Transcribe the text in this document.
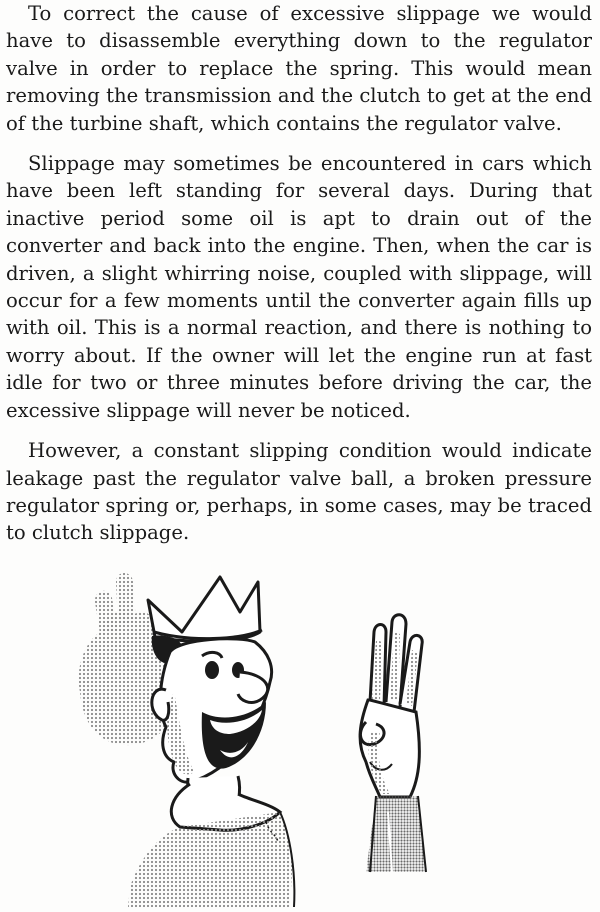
To correct the cause of excessive slippage we would have to disassemble everything down to the regulator valve in order to replace the spring. This would mean removing the transmission and the clutch to get at the end of the turbine shaft, which contains the regulator valve.

Slippage may sometimes be encountered in cars which have been left standing for several days. During that inactive period some oil is apt to drain out of the converter and back into the engine. Then, when the car is driven, a slight whirring noise, coupled with slippage, will occur for a few moments until the converter again fills up with oil. This is a normal reaction, and there is nothing to worry about. If the owner will let the engine run at fast idle for two or three minutes before driving the car, the excessive slippage will never be noticed.

However, a constant slipping condition would indicate leakage past the regulator valve ball, a broken pressure regulator spring or, perhaps, in some cases, may be traced to clutch slippage.
